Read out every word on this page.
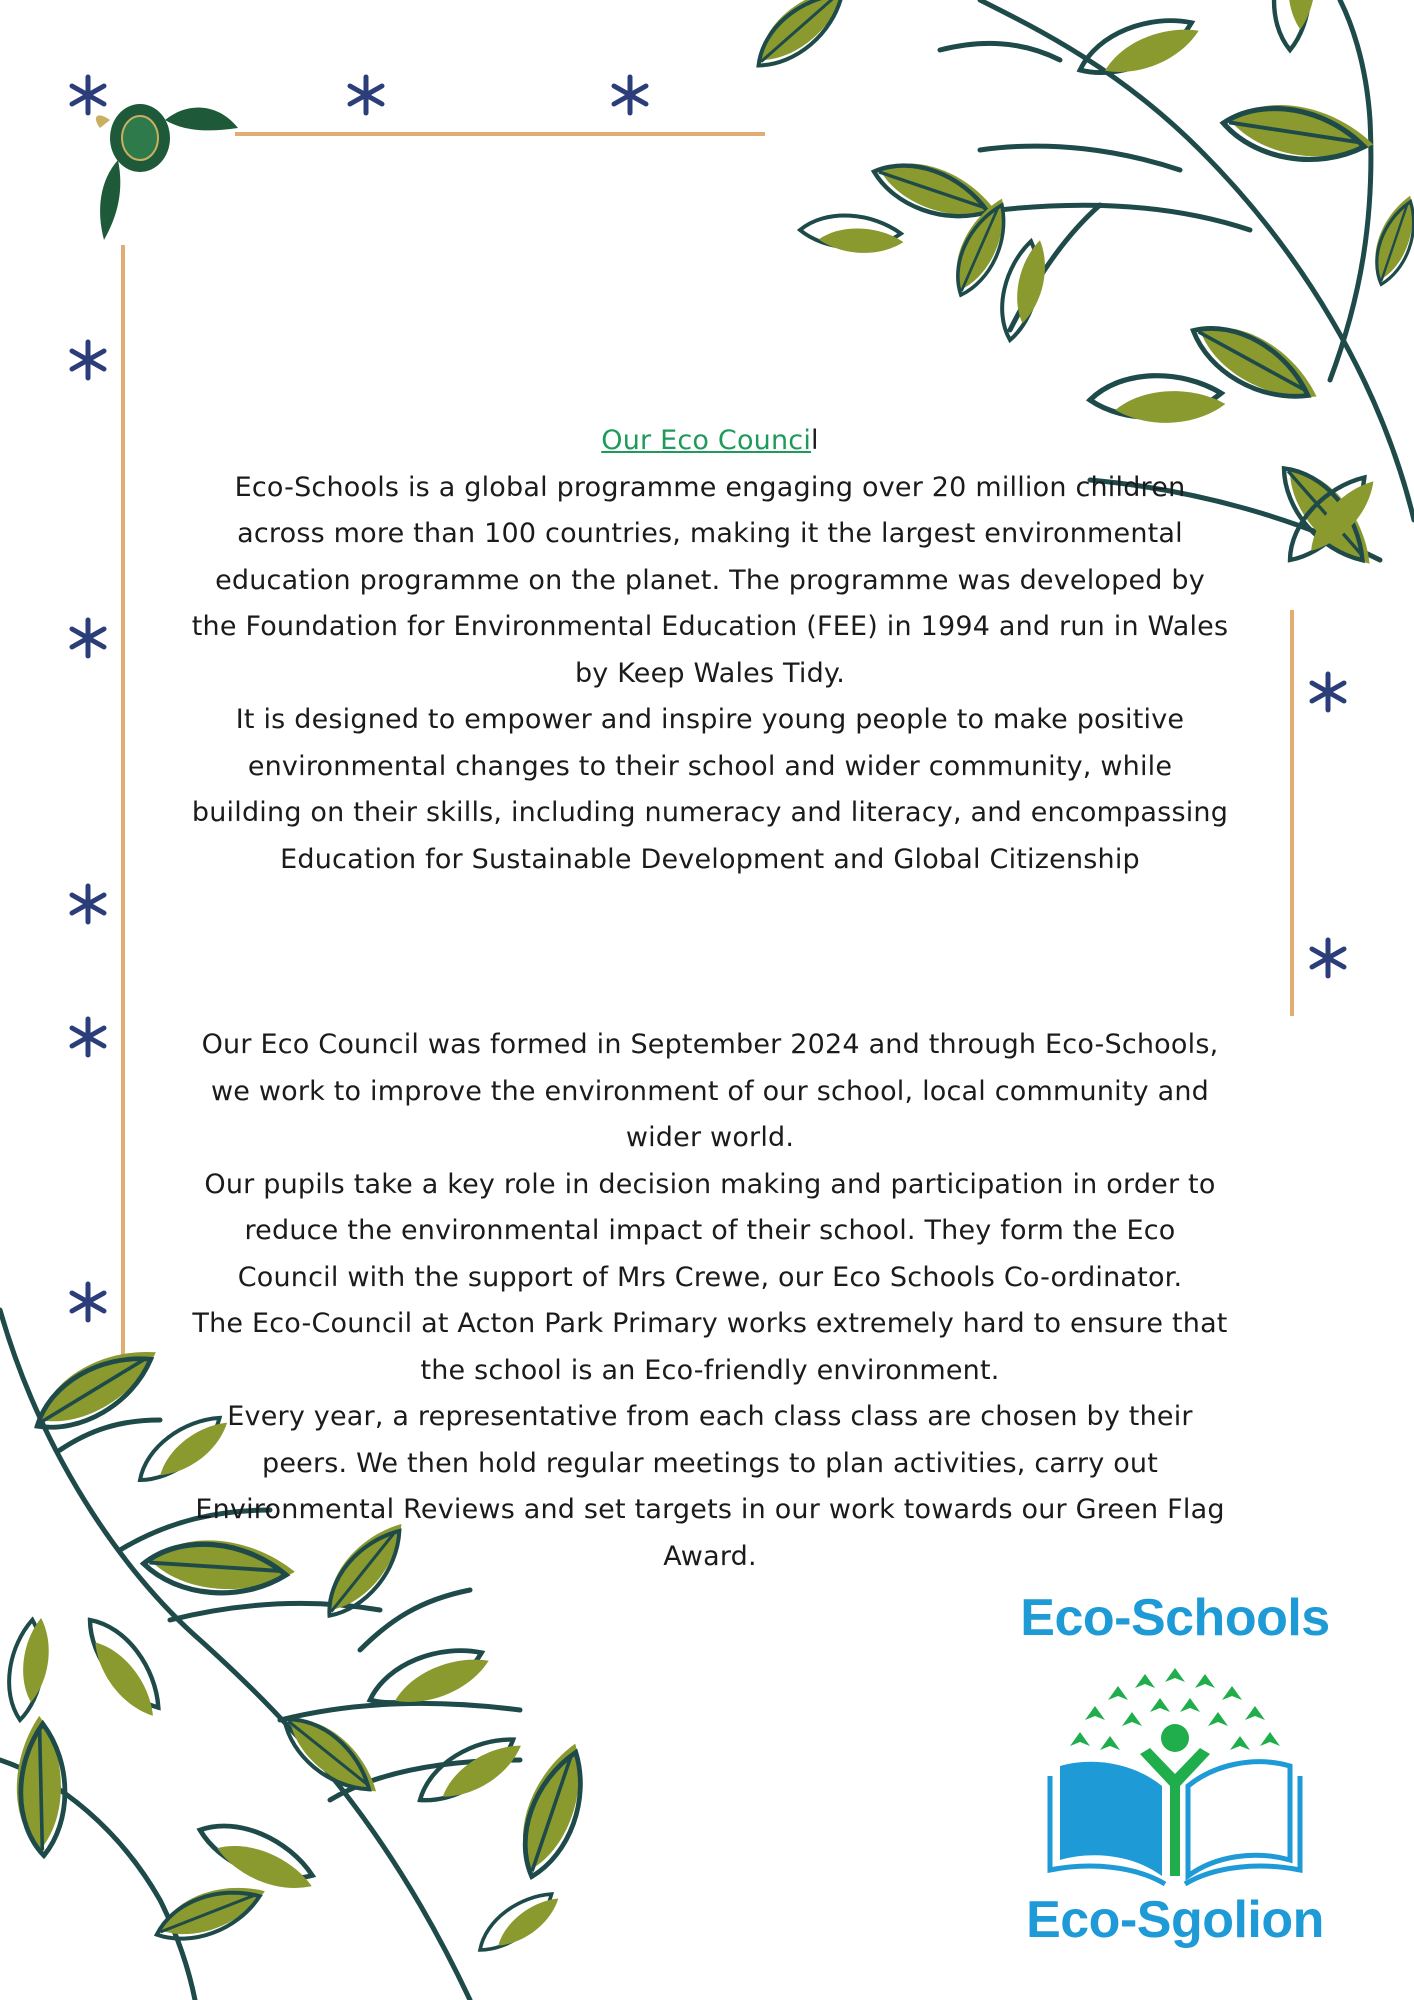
Our Eco Council

Eco-Schools is a global programme engaging over 20 million children across more than 100 countries, making it the largest environmental education programme on the planet. The programme was developed by the Foundation for Environmental Education (FEE) in 1994 and run in Wales by Keep Wales Tidy.

It is designed to empower and inspire young people to make positive environmental changes to their school and wider community, while building on their skills, including numeracy and literacy, and encompassing Education for Sustainable Development and Global Citizenship

Our Eco Council was formed in September 2024 and through Eco-Schools, we work to improve the environment of our school, local community and wider world.

Our pupils take a key role in decision making and participation in order to reduce the environmental impact of their school. They form the Eco Council with the support of Mrs Crewe, our Eco Schools Co-ordinator.

The Eco-Council at Acton Park Primary works extremely hard to ensure that the school is an Eco-friendly environment.

Every year, a representative from each class class are chosen by their peers. We then hold regular meetings to plan activities, carry out Environmental Reviews and set targets in our work towards our Green Flag Award.

Eco-Schools
Eco-Sgolion
